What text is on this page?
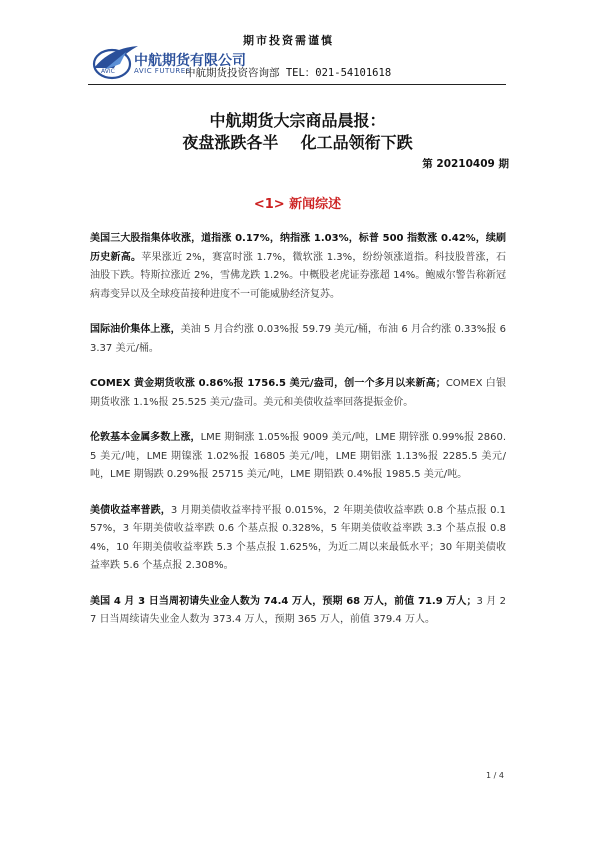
期市投资需谨慎
AVIC
中航期货有限公司
AVIC FUTURES
中航期货投资咨询部 TEL：021-54101618
中航期货大宗商品晨报：
夜盘涨跌各半    化工品领衔下跌
第 20210409 期
<1> 新闻综述

美国三大股指集体收涨，道指涨 0.17%，纳指涨 1.03%，标普 500 指数涨 0.42%，续刷历史新高。苹果涨近 2%，赛富时涨 1.7%，微软涨 1.3%，纷纷领涨道指。科技股普涨，石油股下跌。特斯拉涨近 2%，雪佛龙跌 1.2%。中概股老虎证券涨超 14%。鲍威尔警告称新冠病毒变异以及全球疫苗接种进度不一可能威胁经济复苏。

国际油价集体上涨，美油 5 月合约涨 0.03%报 59.79 美元/桶，布油 6 月合约涨 0.33%报 63.37 美元/桶。

COMEX 黄金期货收涨 0.86%报 1756.5 美元/盎司，创一个多月以来新高；COMEX 白银期货收涨 1.1%报 25.525 美元/盎司。美元和美债收益率回落提振金价。

伦敦基本金属多数上涨，LME 期铜涨 1.05%报 9009 美元/吨，LME 期锌涨 0.99%报 2860.5 美元/吨，LME 期镍涨 1.02%报 16805 美元/吨，LME 期铝涨 1.13%报 2285.5 美元/吨，LME 期锡跌 0.29%报 25715 美元/吨，LME 期铅跌 0.4%报 1985.5 美元/吨。

美债收益率普跌，3 月期美债收益率持平报 0.015%，2 年期美债收益率跌 0.8 个基点报 0.157%，3 年期美债收益率跌 0.6 个基点报 0.328%，5 年期美债收益率跌 3.3 个基点报 0.84%，10 年期美债收益率跌 5.3 个基点报 1.625%，为近二周以来最低水平；30 年期美债收益率跌 5.6 个基点报 2.308%。

美国 4 月 3 日当周初请失业金人数为 74.4 万人，预期 68 万人，前值 71.9 万人；3 月 27 日当周续请失业金人数为 373.4 万人，预期 365 万人，前值 379.4 万人。

1 / 4
